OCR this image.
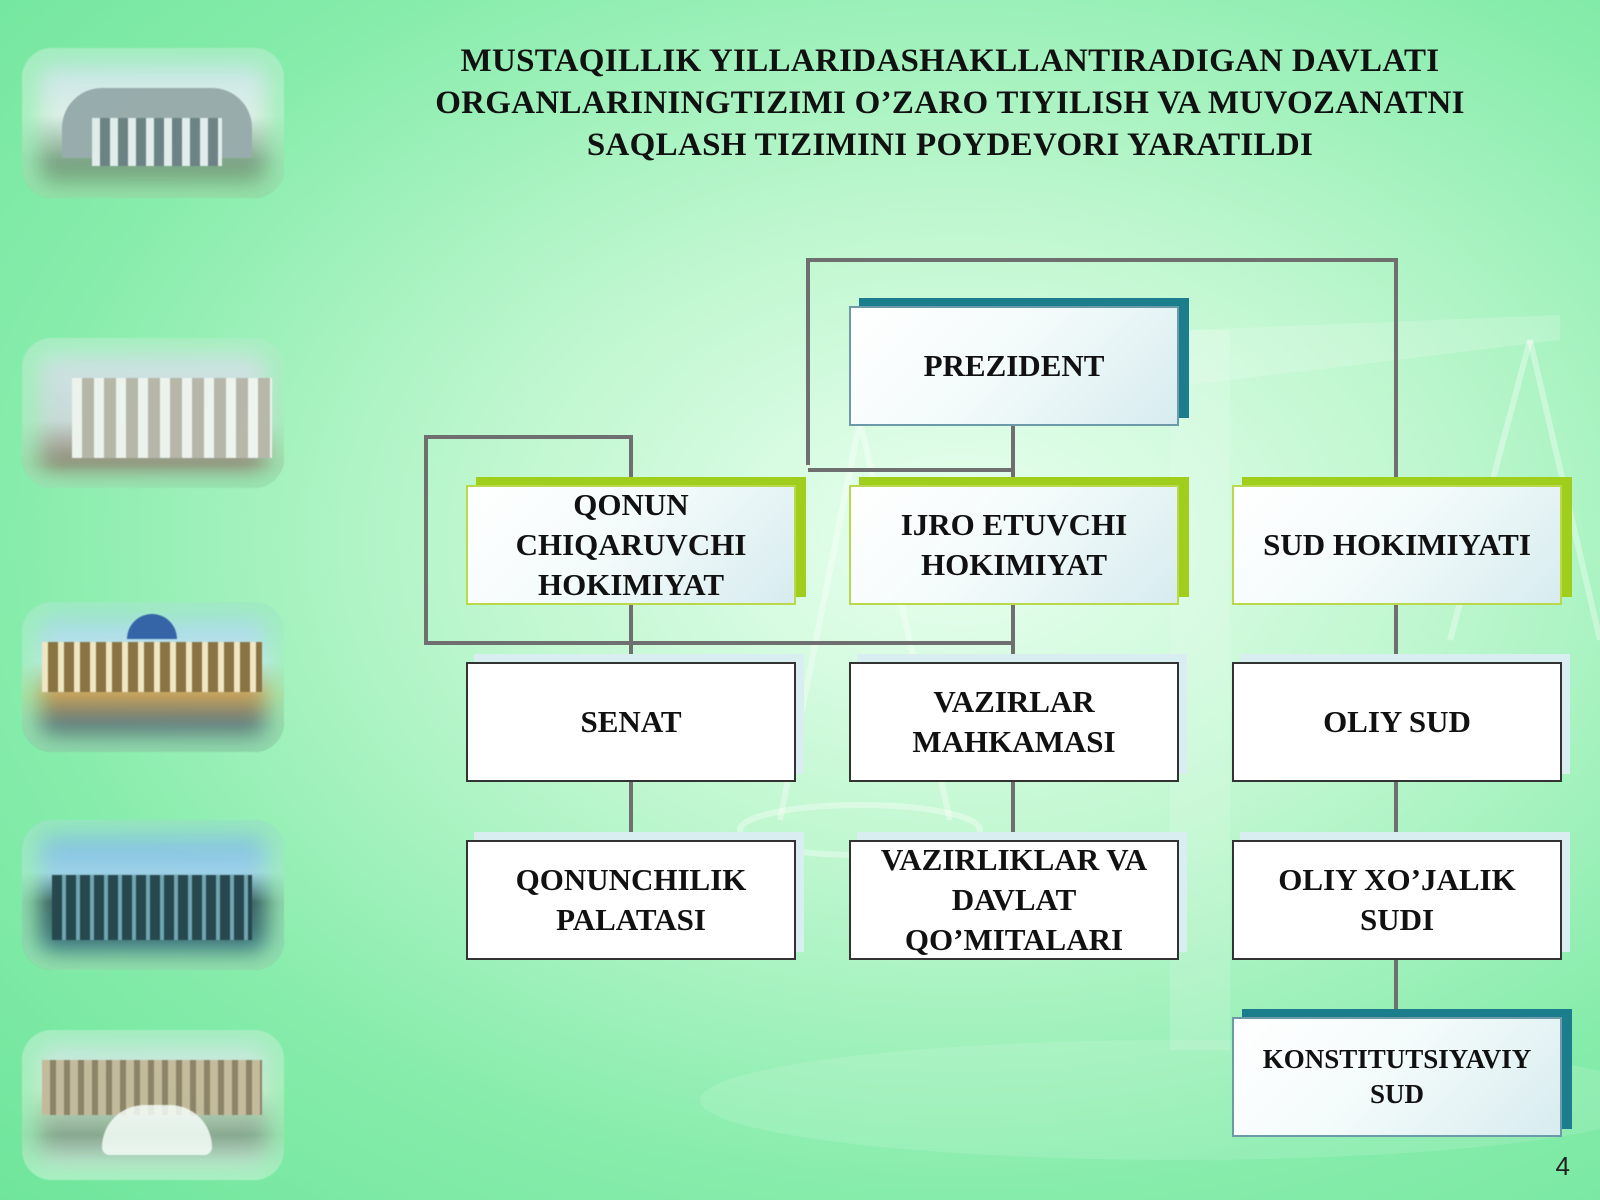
MUSTAQILLIK YILLARIDASHAKLLANTIRADIGAN DAVLATI
ORGANLARININGTIZIMI O’ZARO TIYILISH VA MUVOZANATNI
SAQLASH TIZIMINI POYDEVORI YARATILDI
PREZIDENT
QONUN CHIQARUVCHI HOKIMIYAT
IJRO ETUVCHI HOKIMIYAT
SUD HOKIMIYATI
SENAT
VAZIRLAR MAHKAMASI
OLIY SUD
QONUNCHILIK PALATASI
VAZIRLIKLAR VA DAVLAT QO’MITALARI
OLIY XO’JALIK SUDI
KONSTITUTSIYAVIY SUD
4
